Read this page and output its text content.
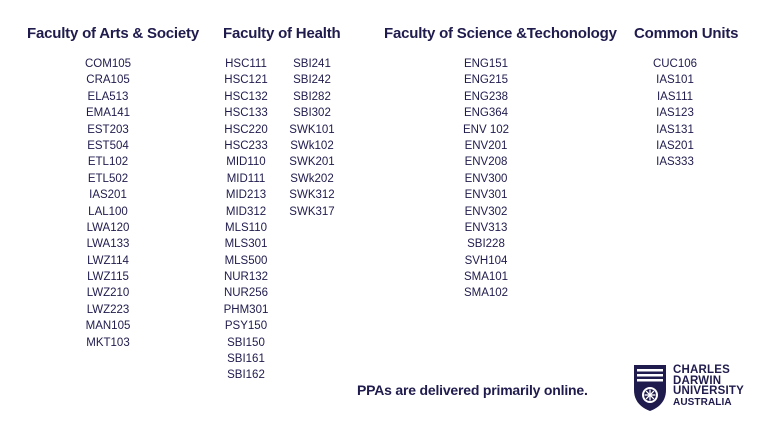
Faculty of Arts & Society Faculty of Health	Faculty of Science &Techonology Common Units
COM105
CRA105
ELA513
EMA141
EST203
EST504
ETL102
ETL502
IAS201
LAL100
LWA120
LWA133
LWZ114
LWZ115
LWZ210
LWZ223
MAN105
MKT103
HSC111
HSC121
HSC132
HSC133
HSC220
HSC233
MID110
MID111
MID213
MID312
MLS110
MLS301
MLS500
NUR132
NUR256
PHM301
PSY150
SBI150
SBI161
SBI162
SBI241
SBI242
SBI282
SBI302
SWK101
SWk102
SWK201
SWk202
SWK312
SWK317
ENG151
ENG215
ENG238
ENG364
ENV 102
ENV201
ENV208
ENV300
ENV301
ENV302
ENV313
SBI228
SVH104
SMA101
SMA102
CUC106
IAS101
IAS111
IAS123
IAS131
IAS201
IAS333
PPAs are delivered primarily online.
CHARLES
DARWIN
UNIVERSITY
AUSTRALIA
